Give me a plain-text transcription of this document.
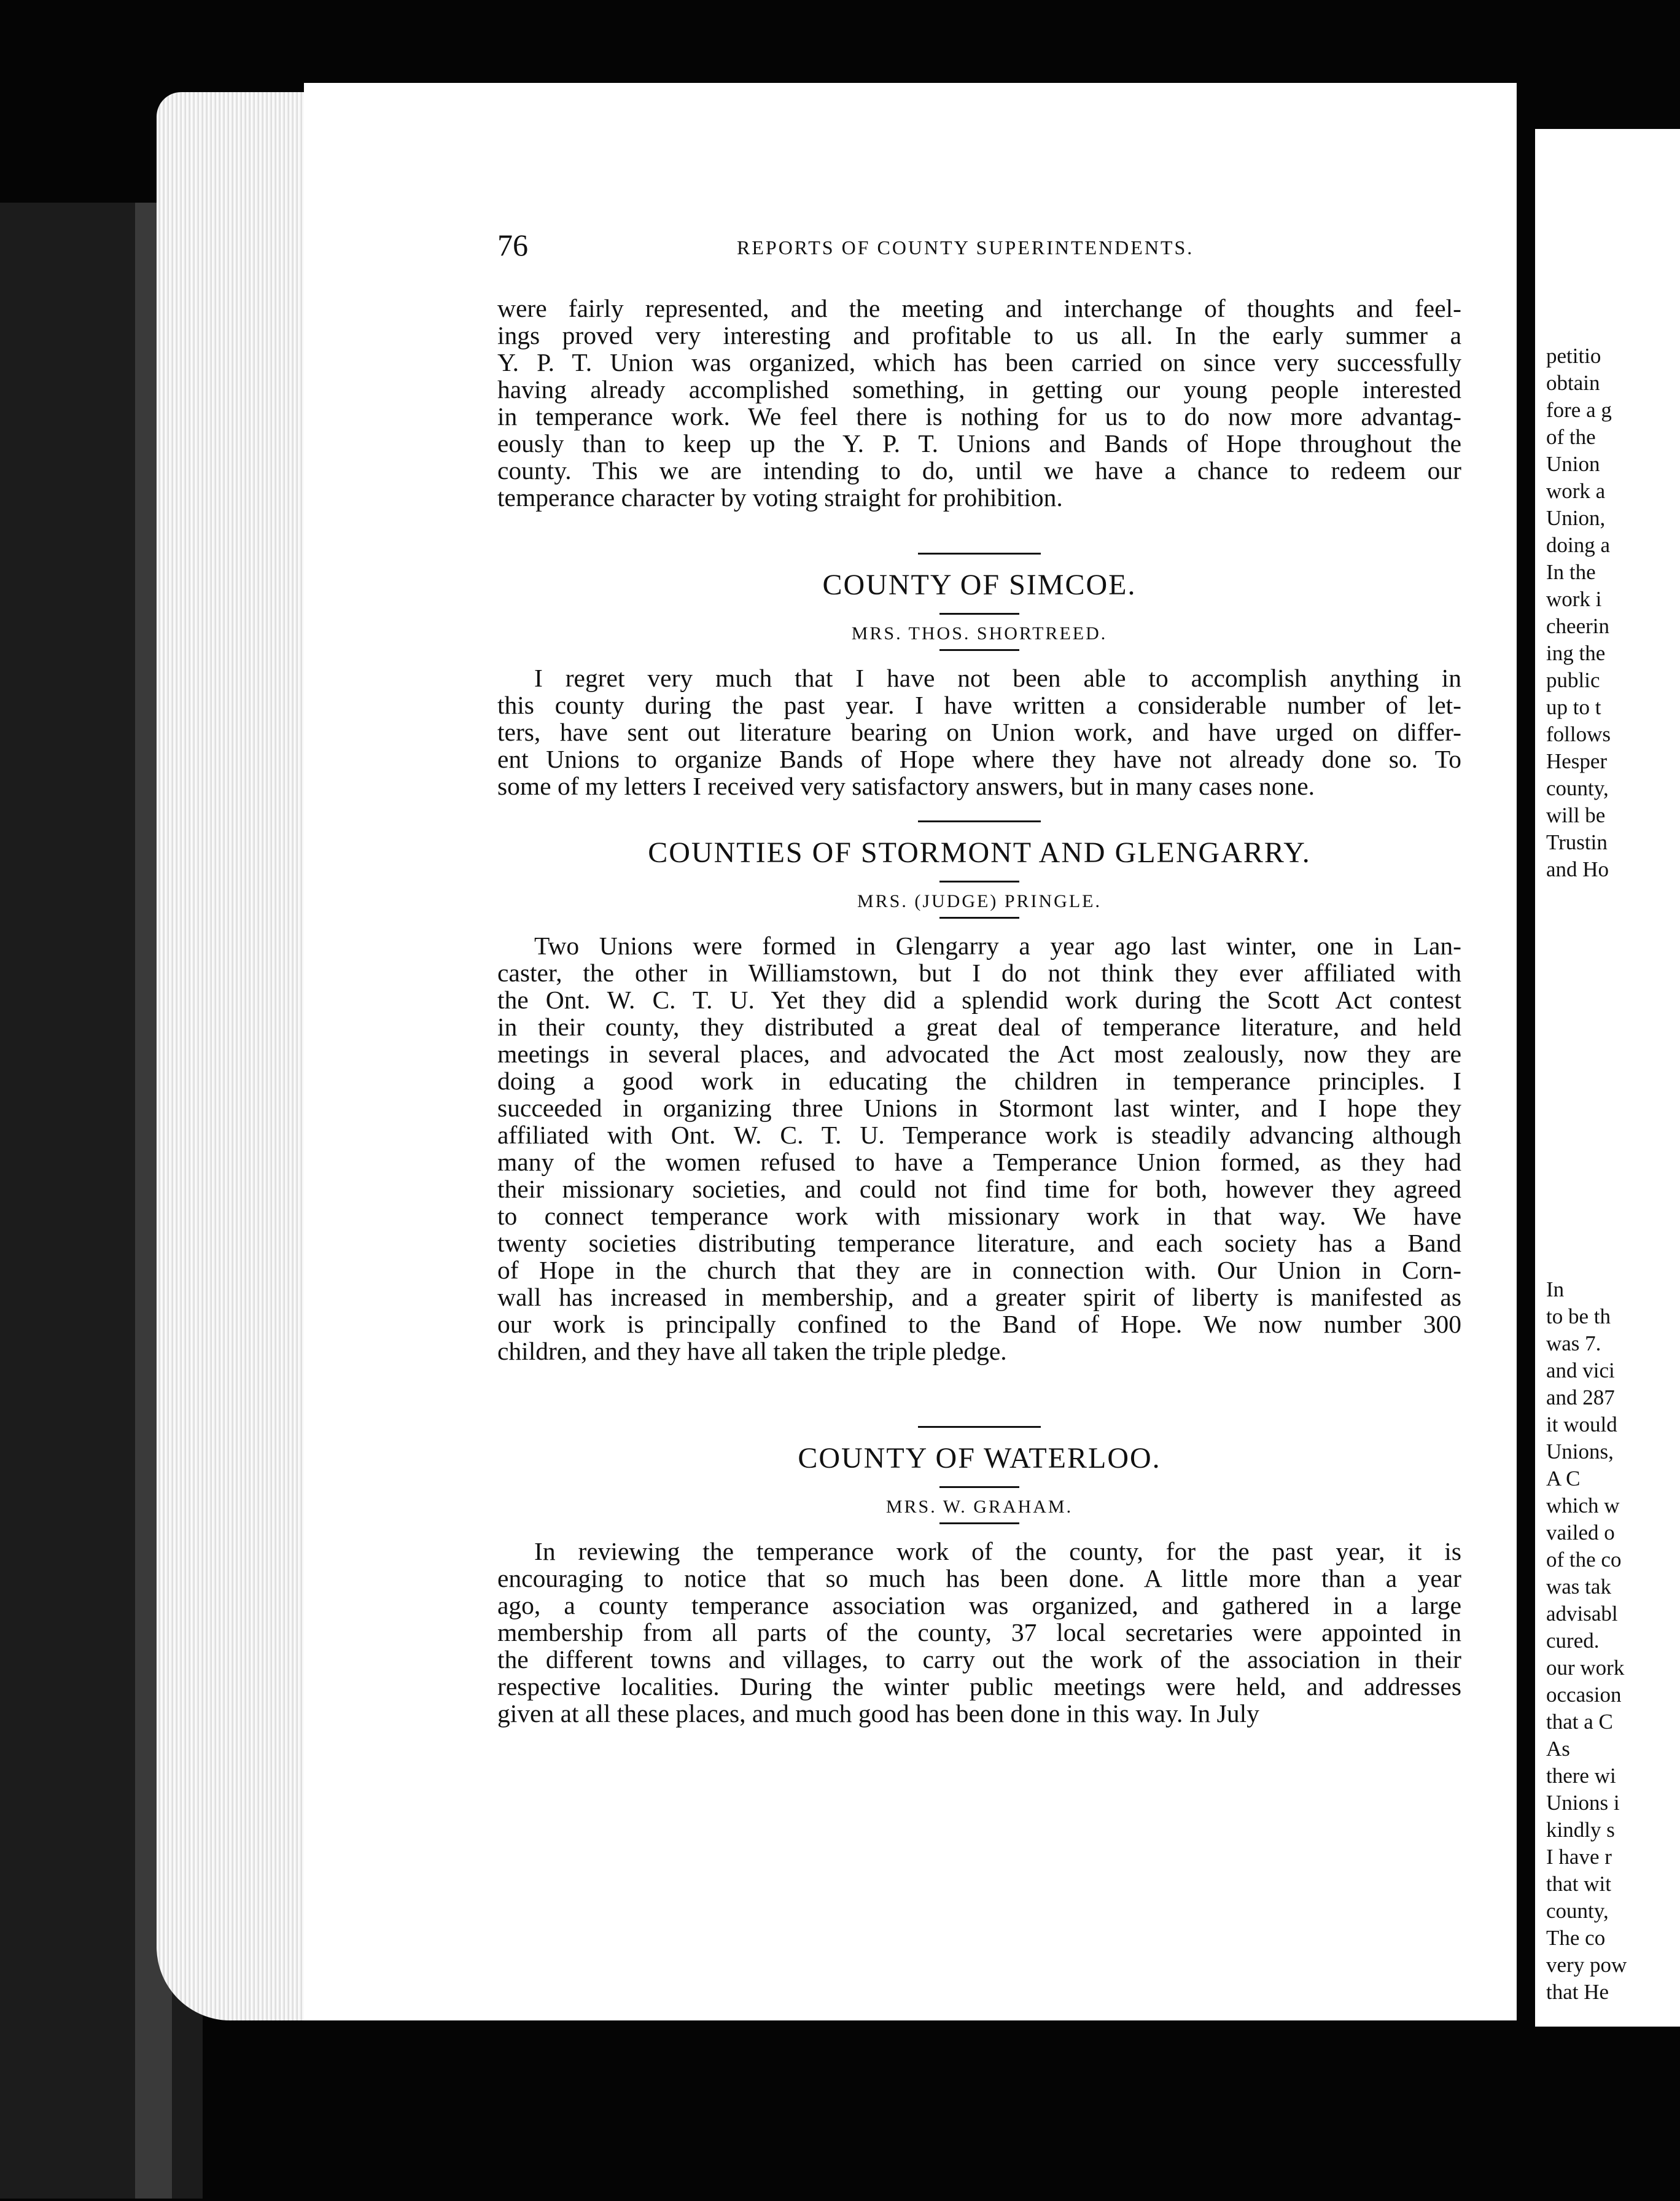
petitio
obtain
fore a g
of the
Union
work a
Union,
doing a
In the
work i
cheerin
ing the
public
up to t
follows
Hesper
county,
will be
Trustin
and Ho
In
to be th
was 7.
and vici
and 287
it would
Unions,
A C
which w
vailed o
of the co
was tak
advisabl
cured.
our work
occasion
that a C
As
there wi
Unions i
kindly s
I have r
that wit
county,
The co
very pow
that He
76	REPORTS OF COUNTY SUPERINTENDENTS.

were fairly represented, and the meeting and interchange of thoughts and feel-
ings proved very interesting and profitable to us all. In the early summer a
Y. P. T. Union was organized, which has been carried on since very successfully
having already accomplished something, in getting our young people interested
in temperance work. We feel there is nothing for us to do now more advantag-
eously than to keep up the Y. P. T. Unions and Bands of Hope throughout the
county. This we are intending to do, until we have a chance to redeem our
temperance character by voting straight for prohibition.

COUNTY OF SIMCOE.
MRS. THOS. SHORTREED.

I regret very much that I have not been able to accomplish anything in
this county during the past year. I have written a considerable number of let-
ters, have sent out literature bearing on Union work, and have urged on differ-
ent Unions to organize Bands of Hope where they have not already done so. To
some of my letters I received very satisfactory answers, but in many cases none.

COUNTIES OF STORMONT AND GLENGARRY.
MRS. (JUDGE) PRINGLE.

Two Unions were formed in Glengarry a year ago last winter, one in Lan-
caster, the other in Williamstown, but I do not think they ever affiliated with
the Ont. W. C. T. U. Yet they did a splendid work during the Scott Act contest
in their county, they distributed a great deal of temperance literature, and held
meetings in several places, and advocated the Act most zealously, now they are
doing a good work in educating the children in temperance principles. I
succeeded in organizing three Unions in Stormont last winter, and I hope they
affiliated with Ont. W. C. T. U. Temperance work is steadily advancing although
many of the women refused to have a Temperance Union formed, as they had
their missionary societies, and could not find time for both, however they agreed
to connect temperance work with missionary work in that way. We have
twenty societies distributing temperance literature, and each society has a Band
of Hope in the church that they are in connection with. Our Union in Corn-
wall has increased in membership, and a greater spirit of liberty is manifested as
our work is principally confined to the Band of Hope. We now number 300
children, and they have all taken the triple pledge.

COUNTY OF WATERLOO.
MRS. W. GRAHAM.

In reviewing the temperance work of the county, for the past year, it is
encouraging to notice that so much has been done. A little more than a year
ago, a county temperance association was organized, and gathered in a large
membership from all parts of the county, 37 local secretaries were appointed in
the different towns and villages, to carry out the work of the association in their
respective localities. During the winter public meetings were held, and addresses
given at all these places, and much good has been done in this way. In July
